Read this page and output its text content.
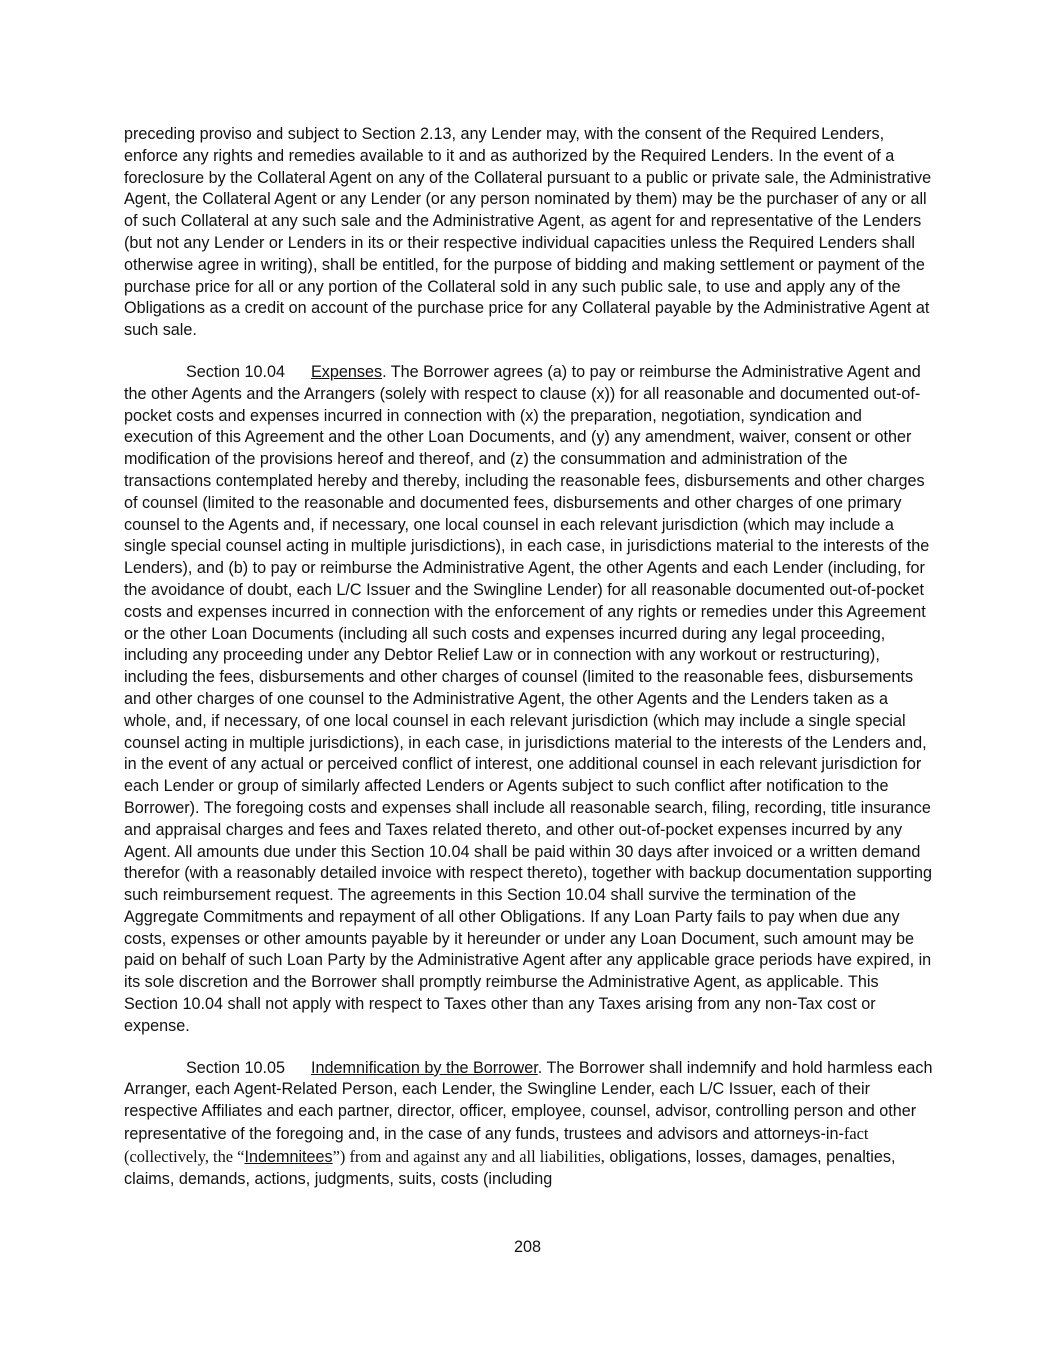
preceding proviso and subject to Section 2.13, any Lender may, with the consent of the Required Lenders, enforce any rights and remedies available to it and as authorized by the Required Lenders. In the event of a foreclosure by the Collateral Agent on any of the Collateral pursuant to a public or private sale, the Administrative Agent, the Collateral Agent or any Lender (or any person nominated by them) may be the purchaser of any or all of such Collateral at any such sale and the Administrative Agent, as agent for and representative of the Lenders (but not any Lender or Lenders in its or their respective individual capacities unless the Required Lenders shall otherwise agree in writing), shall be entitled, for the purpose of bidding and making settlement or payment of the purchase price for all or any portion of the Collateral sold in any such public sale, to use and apply any of the Obligations as a credit on account of the purchase price for any Collateral payable by the Administrative Agent at such sale.

Section 10.04 Expenses. The Borrower agrees (a) to pay or reimburse the Administrative Agent and the other Agents and the Arrangers (solely with respect to clause (x)) for all reasonable and documented out-of-pocket costs and expenses incurred in connection with (x) the preparation, negotiation, syndication and execution of this Agreement and the other Loan Documents, and (y) any amendment, waiver, consent or other modification of the provisions hereof and thereof, and (z) the consummation and administration of the transactions contemplated hereby and thereby, including the reasonable fees, disbursements and other charges of counsel (limited to the reasonable and documented fees, disbursements and other charges of one primary counsel to the Agents and, if necessary, one local counsel in each relevant jurisdiction (which may include a single special counsel acting in multiple jurisdictions), in each case, in jurisdictions material to the interests of the Lenders), and (b) to pay or reimburse the Administrative Agent, the other Agents and each Lender (including, for the avoidance of doubt, each L/C Issuer and the Swingline Lender) for all reasonable documented out-of-pocket costs and expenses incurred in connection with the enforcement of any rights or remedies under this Agreement or the other Loan Documents (including all such costs and expenses incurred during any legal proceeding, including any proceeding under any Debtor Relief Law or in connection with any workout or restructuring), including the fees, disbursements and other charges of counsel (limited to the reasonable fees, disbursements and other charges of one counsel to the Administrative Agent, the other Agents and the Lenders taken as a whole, and, if necessary, of one local counsel in each relevant jurisdiction (which may include a single special counsel acting in multiple jurisdictions), in each case, in jurisdictions material to the interests of the Lenders and, in the event of any actual or perceived conflict of interest, one additional counsel in each relevant jurisdiction for each Lender or group of similarly affected Lenders or Agents subject to such conflict after notification to the Borrower). The foregoing costs and expenses shall include all reasonable search, filing, recording, title insurance and appraisal charges and fees and Taxes related thereto, and other out-of-pocket expenses incurred by any Agent. All amounts due under this Section 10.04 shall be paid within 30 days after invoiced or a written demand therefor (with a reasonably detailed invoice with respect thereto), together with backup documentation supporting such reimbursement request. The agreements in this Section 10.04 shall survive the termination of the Aggregate Commitments and repayment of all other Obligations. If any Loan Party fails to pay when due any costs, expenses or other amounts payable by it hereunder or under any Loan Document, such amount may be paid on behalf of such Loan Party by the Administrative Agent after any applicable grace periods have expired, in its sole discretion and the Borrower shall promptly reimburse the Administrative Agent, as applicable. This Section 10.04 shall not apply with respect to Taxes other than any Taxes arising from any non-Tax cost or expense.

Section 10.05 Indemnification by the Borrower. The Borrower shall indemnify and hold harmless each Arranger, each Agent-Related Person, each Lender, the Swingline Lender, each L/C Issuer, each of their respective Affiliates and each partner, director, officer, employee, counsel, advisor, controlling person and other representative of the foregoing and, in the case of any funds, trustees and advisors and attorneys-in-fact (collectively, the “Indemnitees”) from and against any and all liabilities, obligations, losses, damages, penalties, claims, demands, actions, judgments, suits, costs (including

208
